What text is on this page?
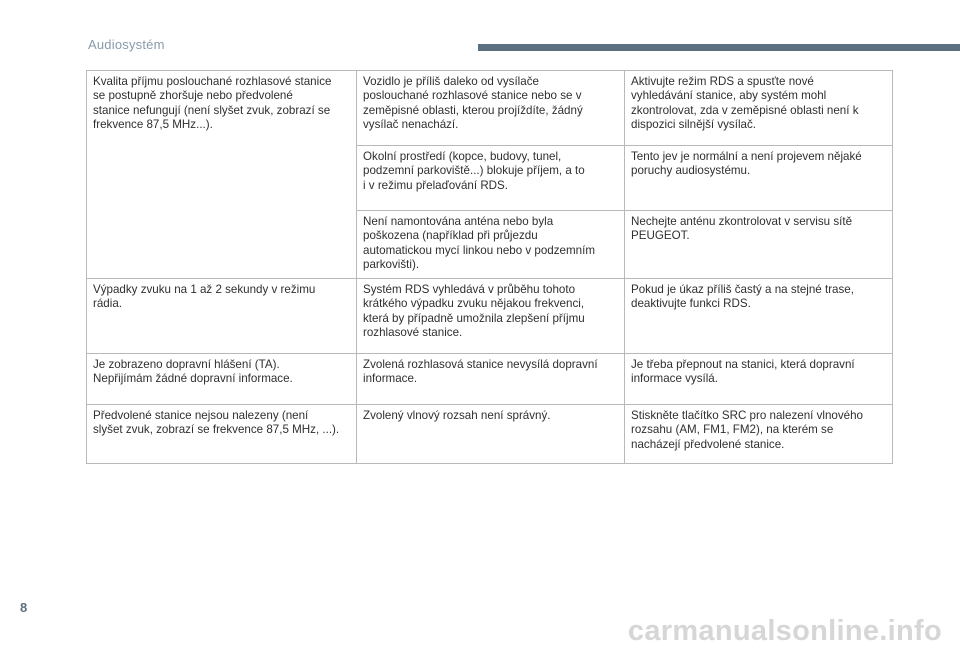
Audiosystém
Kvalita příjmu poslouchané rozhlasové stanice
se postupně zhoršuje nebo předvolené
stanice nefungují (není slyšet zvuk, zobrazí se
frekvence 87,5 MHz...).	Vozidlo je příliš daleko od vysílače
poslouchané rozhlasové stanice nebo se v
zeměpisné oblasti, kterou projíždíte, žádný
vysílač nenachází.	Aktivujte režim RDS a spusťte nové
vyhledávání stanice, aby systém mohl
zkontrolovat, zda v zeměpisné oblasti není k
dispozici silnější vysílač.

	Okolní prostředí (kopce, budovy, tunel,
podzemní parkoviště...) blokuje příjem, a to
i v režimu přelaďování RDS.	Tento jev je normální a není projevem nějaké
poruchy audiosystému.

	Není namontována anténa nebo byla
poškozena (například při průjezdu
automatickou mycí linkou nebo v podzemním
parkovišti).	Nechejte anténu zkontrolovat v servisu sítě
PEUGEOT.

Výpadky zvuku na 1 až 2 sekundy v režimu
rádia.	Systém RDS vyhledává v průběhu tohoto
krátkého výpadku zvuku nějakou frekvenci,
která by případně umožnila zlepšení příjmu
rozhlasové stanice.	Pokud je úkaz příliš častý a na stejné trase,
deaktivujte funkci RDS.

Je zobrazeno dopravní hlášení (TA).
Nepřijímám žádné dopravní informace.	Zvolená rozhlasová stanice nevysílá dopravní
informace.	Je třeba přepnout na stanici, která dopravní
informace vysílá.

Předvolené stanice nejsou nalezeny (není
slyšet zvuk, zobrazí se frekvence 87,5 MHz, ...).	Zvolený vlnový rozsah není správný.	Stiskněte tlačítko SRC pro nalezení vlnového
rozsahu (AM, FM1, FM2), na kterém se
nacházejí předvolené stanice.
8
carmanualsonline.info
